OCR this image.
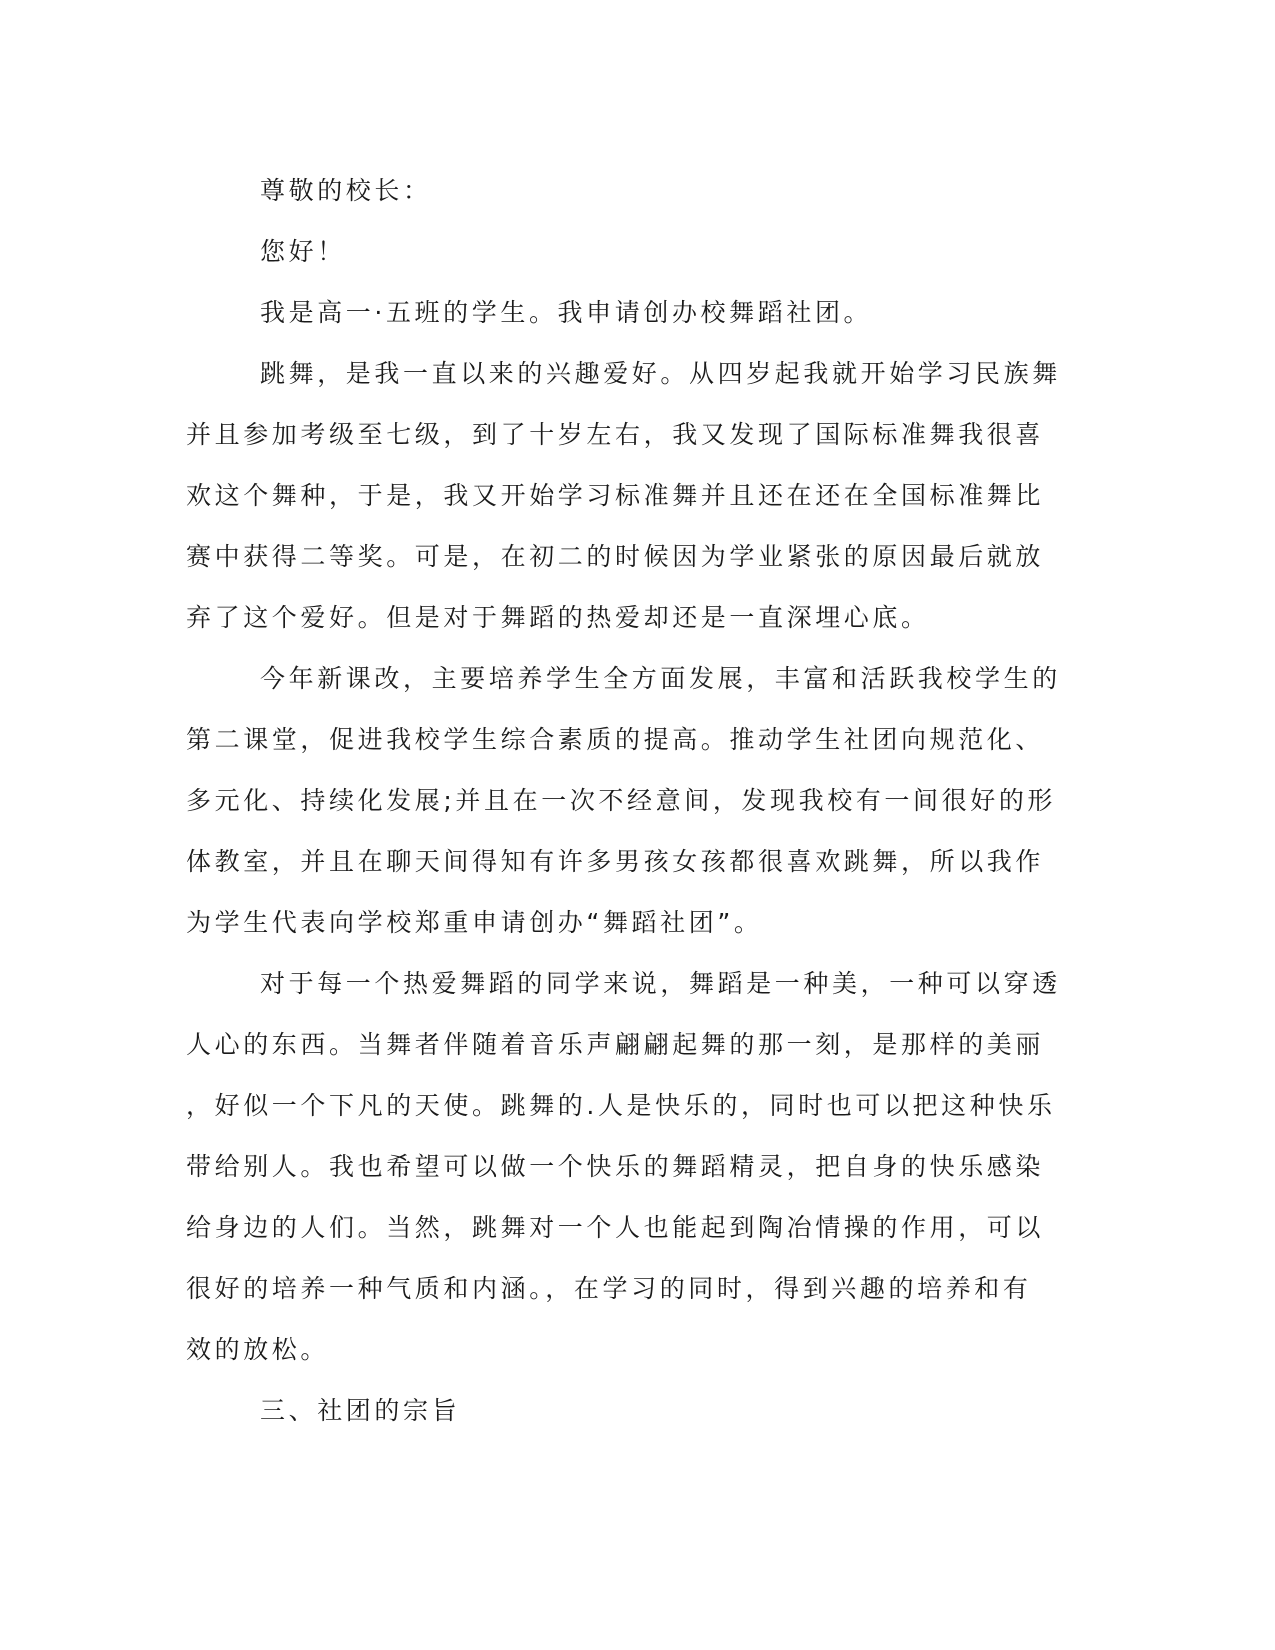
尊敬的校长：
您好！
我是高一·五班的学生。我申请创办校舞蹈社团。
跳舞，是我一直以来的兴趣爱好。从四岁起我就开始学习民族舞
并且参加考级至七级，到了十岁左右，我又发现了国际标准舞我很喜
欢这个舞种，于是，我又开始学习标准舞并且还在还在全国标准舞比
赛中获得二等奖。可是，在初二的时候因为学业紧张的原因最后就放
弃了这个爱好。但是对于舞蹈的热爱却还是一直深埋心底。
今年新课改，主要培养学生全方面发展，丰富和活跃我校学生的
第二课堂，促进我校学生综合素质的提高。推动学生社团向规范化、
多元化、持续化发展;并且在一次不经意间，发现我校有一间很好的形
体教室，并且在聊天间得知有许多男孩女孩都很喜欢跳舞，所以我作
为学生代表向学校郑重申请创办“舞蹈社团”。
对于每一个热爱舞蹈的同学来说，舞蹈是一种美，一种可以穿透
人心的东西。当舞者伴随着音乐声翩翩起舞的那一刻，是那样的美丽
，好似一个下凡的天使。跳舞的.人是快乐的，同时也可以把这种快乐
带给别人。我也希望可以做一个快乐的舞蹈精灵，把自身的快乐感染
给身边的人们。当然，跳舞对一个人也能起到陶冶情操的作用，可以
很好的培养一种气质和内涵。，在学习的同时，得到兴趣的培养和有
效的放松。
三、社团的宗旨
